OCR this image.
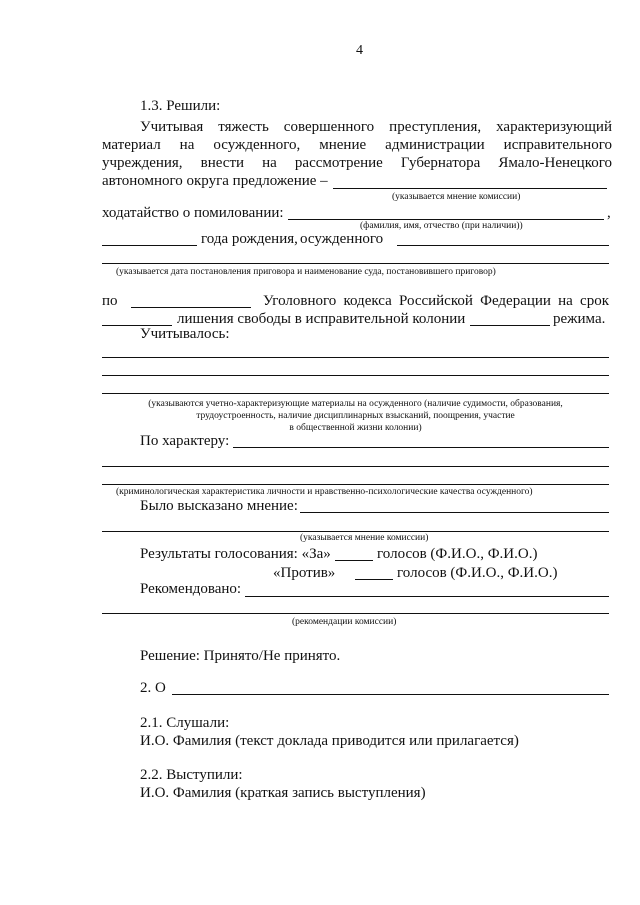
4
1.3. Решили:
Учитывая тяжесть совершенного преступления, характеризующий
материал на осужденного, мнение администрации исправительного
учреждения, внести на рассмотрение Губернатора Ямало-Ненецкого
автономного округа предложение –
(указывается мнение комиссии)
ходатайство о помиловании:	,
(фамилия, имя, отчество (при наличии))
года рождения, осужденного
(указывается дата постановления приговора и наименование суда, постановившего приговор)
по	Уголовного кодекса Российской Федерации на срок
лишения свободы в исправительной колонии	режима.
Учитывалось:
(указываются учетно-характеризующие материалы на осужденного (наличие судимости, образования,
трудоустроенность, наличие дисциплинарных взысканий, поощрения, участие
в общественной жизни колонии)
По характеру:
(криминологическая характеристика личности и нравственно-психологические качества осужденного)
Было высказано мнение:
(указывается мнение комиссии)
Результаты голосования: «За»	голосов (Ф.И.О., Ф.И.О.)
«Против»	голосов (Ф.И.О., Ф.И.О.)
Рекомендовано:
(рекомендации комиссии)
Решение: Принято/Не принято.
2. О
2.1. Слушали:
И.О. Фамилия (текст доклада приводится или прилагается)
2.2. Выступили:
И.О. Фамилия (краткая запись выступления)
